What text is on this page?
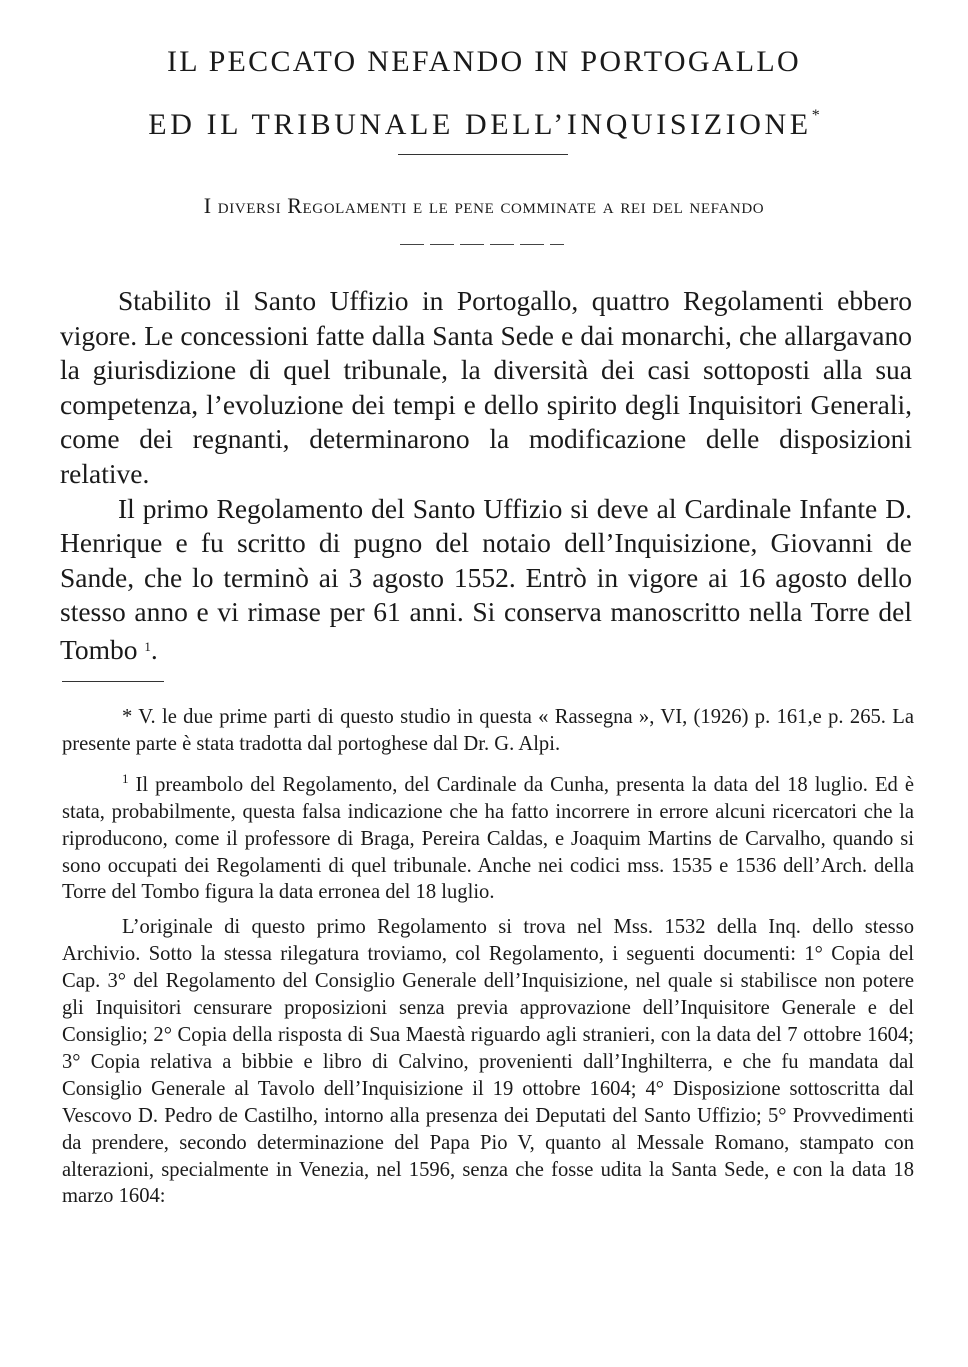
IL PECCATO NEFANDO IN PORTOGALLO
ED IL TRIBUNALE DELL’INQUISIZIONE*
I diversi Regolamenti e le pene comminate a rei del nefando

Stabilito il Santo Uffizio in Portogallo, quattro Regolamenti ebbero vigore. Le concessioni fatte dalla Santa Sede e dai monarchi, che allargavano la giurisdizione di quel tribunale, la diversità dei casi sottoposti alla sua competenza, l’evoluzione dei tempi e dello spirito degli Inquisitori Generali, come dei regnanti, determinarono la modificazione delle disposizioni relative.

Il primo Regolamento del Santo Uffizio si deve al Cardinale Infante D. Henrique e fu scritto di pugno del notaio dell’Inquisizione, Giovanni de Sande, che lo terminò ai 3 agosto 1552. Entrò in vigore ai 16 agosto dello stesso anno e vi rimase per 61 anni. Si conserva manoscritto nella Torre del Tombo $^1$.

* V. le due prime parti di questo studio in questa « Rassegna », VI, (1926) p. 161,e p. 265. La presente parte è stata tradotta dal portoghese dal Dr. G. Alpi.

$^1$ Il preambolo del Regolamento, del Cardinale da Cunha, presenta la data del 18 luglio. Ed è stata, probabilmente, questa falsa indicazione che ha fatto incorrere in errore alcuni ricercatori che la riproducono, come il professore di Braga, Pereira Caldas, e Joaquim Martins de Carvalho, quando si sono occupati dei Regolamenti di quel tribunale. Anche nei codici mss. 1535 e 1536 dell’Arch. della Torre del Tombo figura la data erronea del 18 luglio.

L’originale di questo primo Regolamento si trova nel Mss. 1532 della Inq. dello stesso Archivio. Sotto la stessa rilegatura troviamo, col Regolamento, i seguenti documenti: 1° Copia del Cap. 3° del Regolamento del Consiglio Generale dell’Inquisizione, nel quale si stabilisce non potere gli Inquisitori censurare proposizioni senza previa approvazione dell’Inquisitore Generale e del Consiglio; 2° Copia della risposta di Sua Maestà riguardo agli stranieri, con la data del 7 ottobre 1604; 3° Copia relativa a bibbie e libro di Calvino, provenienti dall’Inghilterra, e che fu mandata dal Consiglio Generale al Tavolo dell’Inquisizione il 19 ottobre 1604; 4° Disposizione sottoscritta dal Vescovo D. Pedro de Castilho, intorno alla presenza dei Deputati del Santo Uffizio; 5° Provvedimenti da prendere, secondo determinazione del Papa Pio V, quanto al Messale Romano, stampato con alterazioni, specialmente in Venezia, nel 1596, senza che fosse udita la Santa Sede, e con la data 18 marzo 1604:
